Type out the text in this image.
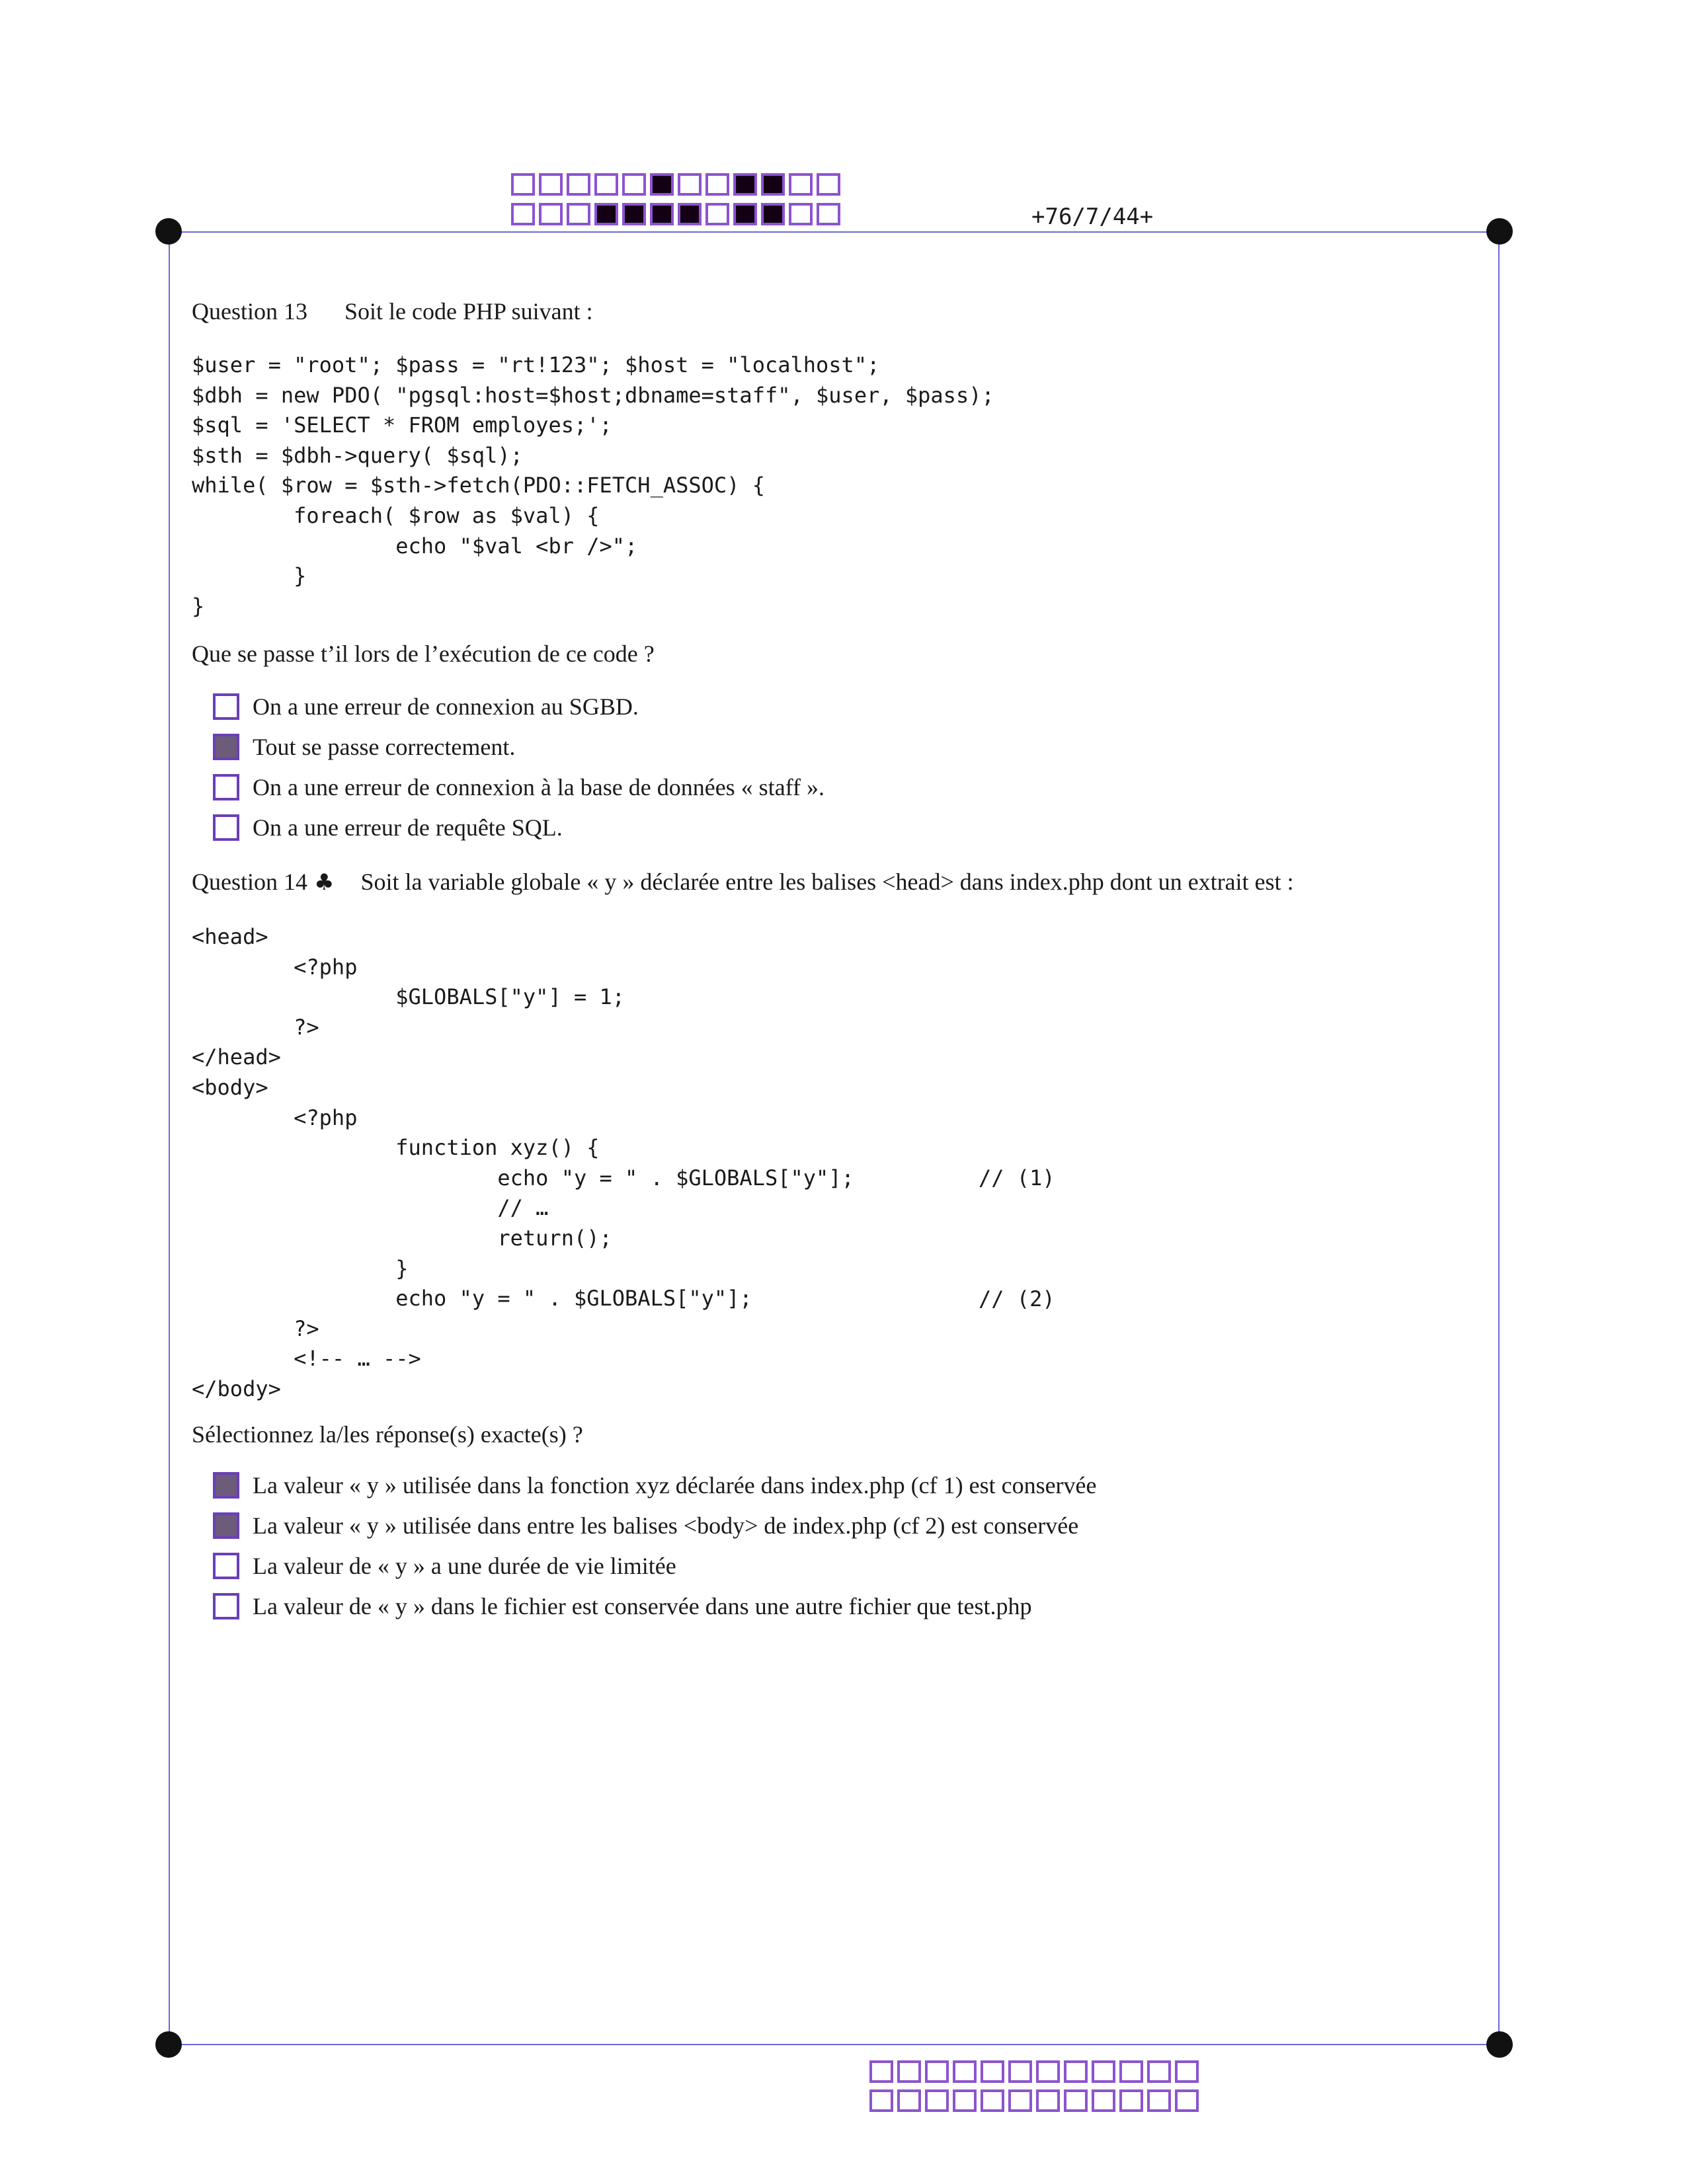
+76/7/44+
Question 13 Soit le code PHP suivant :
$user = "root"; $pass = "rt!123"; $host = "localhost";
$dbh = new PDO( "pgsql:host=$host;dbname=staff", $user, $pass);
$sql = 'SELECT * FROM employes;';
$sth = $dbh->query( $sql);
while( $row = $sth->fetch(PDO::FETCH_ASSOC) {
foreach( $row as $val) {
echo "$val <br />";
}
}
Que se passe t’il lors de l’exécution de ce code ?
On a une erreur de connexion au SGBD.
Tout se passe correctement.
On a une erreur de connexion à la base de données « staff ».
On a une erreur de requête SQL.
Question 14 ♣ Soit la variable globale « y » déclarée entre les balises <head> dans index.php dont un extrait est :
<head>
<?php
$GLOBALS["y"] = 1;
?>
</head>
<body>
<?php
function xyz() {
echo "y = " . $GLOBALS["y"];
// …
return();
}
echo "y = " . $GLOBALS["y"];
?>
<!-- … -->
</body>
// (1)
// (2)
Sélectionnez la/les réponse(s) exacte(s) ?
La valeur « y » utilisée dans la fonction xyz déclarée dans index.php (cf 1) est conservée
La valeur « y » utilisée dans entre les balises <body> de index.php (cf 2) est conservée
La valeur de « y » a une durée de vie limitée
La valeur de « y » dans le fichier est conservée dans une autre fichier que test.php
